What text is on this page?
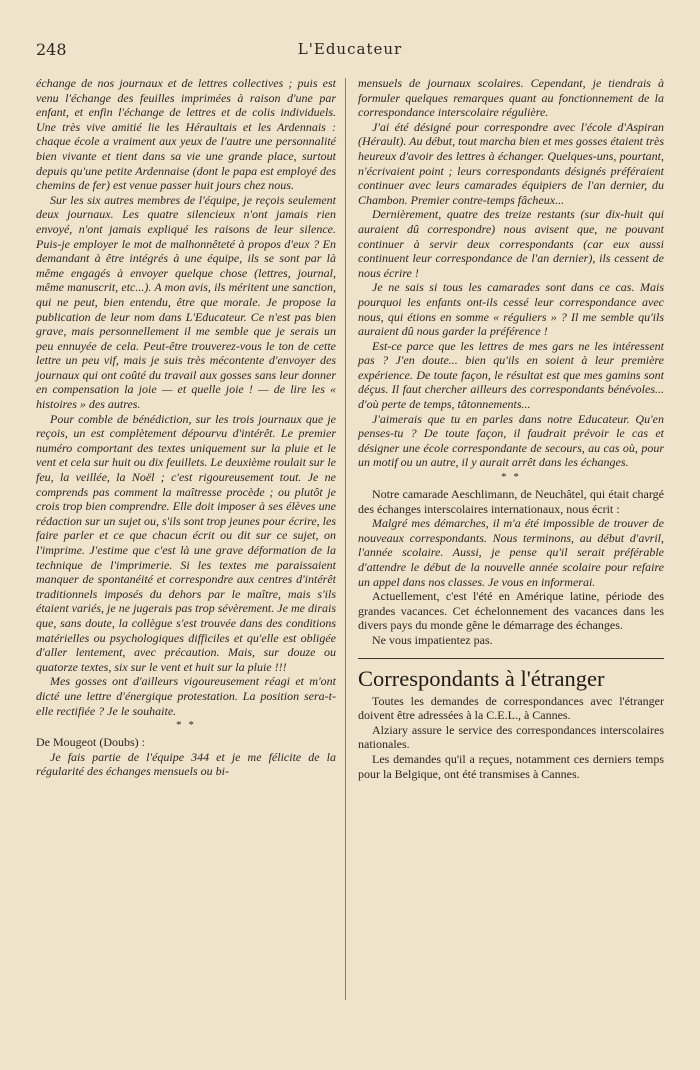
248	L'Educateur

échange de nos journaux et de lettres collectives ; puis est venu l'échange des feuilles imprimées à raison d'une par enfant, et enfin l'échange de lettres et de colis individuels. Une très vive amitié lie les Héraultais et les Ardennais : chaque école a vraiment aux yeux de l'autre une personnalité bien vivante et tient dans sa vie une grande place, surtout depuis qu'une petite Ardennaise (dont le papa est employé des chemins de fer) est venue passer huit jours chez nous.

Sur les six autres membres de l'équipe, je reçois seulement deux journaux. Les quatre silencieux n'ont jamais rien envoyé, n'ont jamais expliqué les raisons de leur silence. Puis-je employer le mot de malhonnêteté à propos d'eux ? En demandant à être intégrés à une équipe, ils se sont par là même engagés à envoyer quelque chose (lettres, journal, même manuscrit, etc...). A mon avis, ils méritent une sanction, qui ne peut, bien entendu, être que morale. Je propose la publication de leur nom dans L'Educateur. Ce n'est pas bien grave, mais personnellement il me semble que je serais un peu ennuyée de cela. Peut-être trouverez-vous le ton de cette lettre un peu vif, mais je suis très mécontente d'envoyer des journaux qui ont coûté du travail aux gosses sans leur donner en compensation la joie — et quelle joie ! — de lire les « histoires » des autres.

Pour comble de bénédiction, sur les trois journaux que je reçois, un est complètement dépourvu d'intérêt. Le premier numéro comportant des textes uniquement sur la pluie et le vent et cela sur huit ou dix feuillets. Le deuxième roulait sur le feu, la veillée, la Noël ; c'est rigoureusement tout. Je ne comprends pas comment la maîtresse procède ; ou plutôt je crois trop bien comprendre. Elle doit imposer à ses élèves une rédaction sur un sujet ou, s'ils sont trop jeunes pour écrire, les faire parler et ce que chacun écrit ou dit sur ce sujet, on l'imprime. J'estime que c'est là une grave déformation de la technique de l'imprimerie. Si les textes me paraissaient manquer de spontanéité et correspondre aux centres d'intérêt traditionnels imposés du dehors par le maître, mais s'ils étaient variés, je ne jugerais pas trop sévèrement. Je me dirais que, sans doute, la collègue s'est trouvée dans des conditions matérielles ou psychologiques difficiles et qu'elle est obligée d'aller lentement, avec précaution. Mais, sur douze ou quatorze textes, six sur le vent et huit sur la pluie !!!

Mes gosses ont d'ailleurs vigoureusement réagi et m'ont dicté une lettre d'énergique protestation. La position sera-t-elle rectifiée ? Je le souhaite.

* *

De Mougeot (Doubs) :

Je fais partie de l'équipe 344 et je me félicite de la régularité des échanges mensuels ou bi-

mensuels de journaux scolaires. Cependant, je tiendrais à formuler quelques remarques quant au fonctionnement de la correspondance interscolaire régulière.

J'ai été désigné pour correspondre avec l'école d'Aspiran (Hérault). Au début, tout marcha bien et mes gosses étaient très heureux d'avoir des lettres à échanger. Quelques-uns, pourtant, n'écrivaient point ; leurs correspondants désignés préféraient continuer avec leurs camarades équipiers de l'an dernier, du Chambon. Premier contre-temps fâcheux...

Dernièrement, quatre des treize restants (sur dix-huit qui auraient dû correspondre) nous avisent que, ne pouvant continuer à servir deux correspondants (car eux aussi continuent leur correspondance de l'an dernier), ils cessent de nous écrire !

Je ne sais si tous les camarades sont dans ce cas. Mais pourquoi les enfants ont-ils cessé leur correspondance avec nous, qui étions en somme « réguliers » ? Il me semble qu'ils auraient dû nous garder la préférence !

Est-ce parce que les lettres de mes gars ne les intéressent pas ? J'en doute... bien qu'ils en soient à leur première expérience. De toute façon, le résultat est que mes gamins sont déçus. Il faut chercher ailleurs des correspondants bénévoles... d'où perte de temps, tâtonnements...

J'aimerais que tu en parles dans notre Educateur. Qu'en penses-tu ? De toute façon, il faudrait prévoir le cas et désigner une école correspondante de secours, au cas où, pour un motif ou un autre, il y aurait arrêt dans les échanges.

* *

Notre camarade Aeschlimann, de Neuchâtel, qui était chargé des échanges interscolaires internationaux, nous écrit :

Malgré mes démarches, il m'a été impossible de trouver de nouveaux correspondants. Nous terminons, au début d'avril, l'année scolaire. Aussi, je pense qu'il serait préférable d'attendre le début de la nouvelle année scolaire pour refaire un appel dans nos classes. Je vous en informerai.

Actuellement, c'est l'été en Amérique latine, période des grandes vacances. Cet échelonnement des vacances dans les divers pays du monde gêne le démarrage des échanges.

Ne vous impatientez pas.

Correspondants à l'étranger

Toutes les demandes de correspondances avec l'étranger doivent être adressées à la C.E.L., à Cannes.

Alziary assure le service des correspondances interscolaires nationales.

Les demandes qu'il a reçues, notamment ces derniers temps pour la Belgique, ont été transmises à Cannes.
